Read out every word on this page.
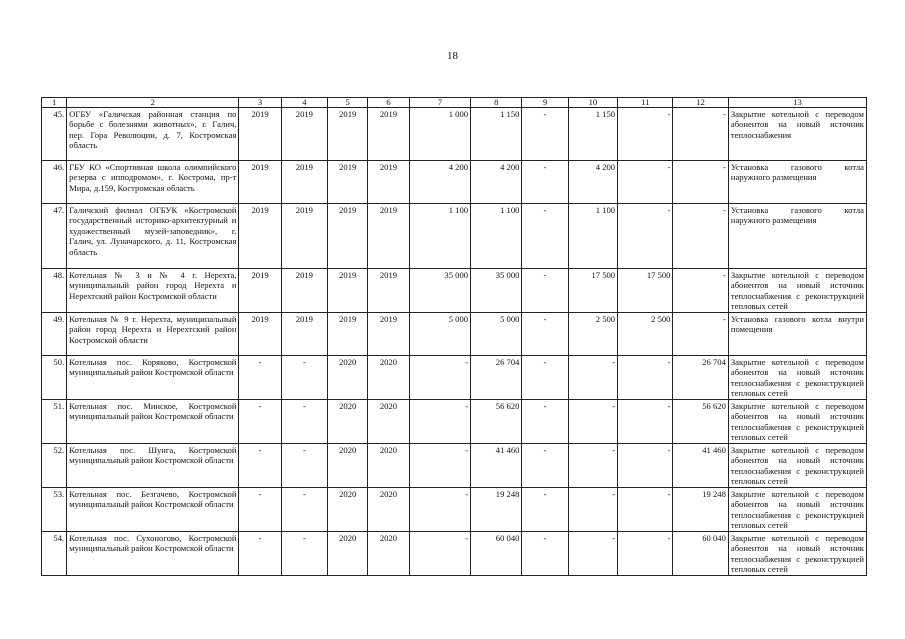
18
1	2	3	4	5	6	7	8	9	10	11	12	13
45.	ОГБУ «Галичская районная станция по борьбе с болезнями животных», г. Галич, пер. Гора Революции, д. 7, Костромская область	2019	2019	2019	2019	1 000	1 150	-	1 150	-	-	Закрытие котельной с переводом абонентов на новый источник теплоснабжения
46.	ГБУ КО «Спортивная школа олимпийского резерва с ипподромом», г. Кострома, пр-т Мира, д.159, Костромская область	2019	2019	2019	2019	4 200	4 200	-	4 200	-	-	Установка газового котла наружного размещения
47.	Галичский филиал ОГБУК «Костромской государственный историко-архитектурный и художественный музей-заповедник», г. Галич, ул. Луначарского, д. 11, Костромская область	2019	2019	2019	2019	1 100	1 100	-	1 100	-	-	Установка газового котла наружного размещения
48.	Котельная № 3 и № 4 г. Нерехта, муниципальный район город Нерехта и Нерехтский район Костромской области	2019	2019	2019	2019	35 000	35 000	-	17 500	17 500	-	Закрытие котельной с переводом абонентов на новый источник теплоснабжения с реконструкцией тепловых сетей
49.	Котельная № 9 г. Нерехта, муниципальный район город Нерехта и Нерехтский район Костромской области	2019	2019	2019	2019	5 000	5 000	-	2 500	2 500	-	Установка газового котла внутри помещения
50.	Котельная пос. Коряково, Костромской муниципальный район Костромской области	-	-	2020	2020	-	26 704	-	-	-	26 704	Закрытие котельной с переводом абонентов на новый источник теплоснабжения с реконструкцией тепловых сетей
51.	Котельная пос. Минское, Костромской муниципальный район Костромской области	-	-	2020	2020	-	56 620	-	-	-	56 620	Закрытие котельной с переводом абонентов на новый источник теплоснабжения с реконструкцией тепловых сетей
52.	Котельная пос. Шунга, Костромской муниципальный район Костромской области	-	-	2020	2020	-	41 460	-	-	-	41 460	Закрытие котельной с переводом абонентов на новый источник теплоснабжения с реконструкцией тепловых сетей
53.	Котельная пос. Безгачево, Костромской муниципальный район Костромской области	-	-	2020	2020	-	19 248	-	-	-	19 248	Закрытие котельной с переводом абонентов на новый источник теплоснабжения с реконструкцией тепловых сетей
54.	Котельная пос. Сухоногово, Костромской муниципальный район Костромской области	-	-	2020	2020	-	60 040	-	-	-	60 040	Закрытие котельной с переводом абонентов на новый источник теплоснабжения с реконструкцией тепловых сетей
